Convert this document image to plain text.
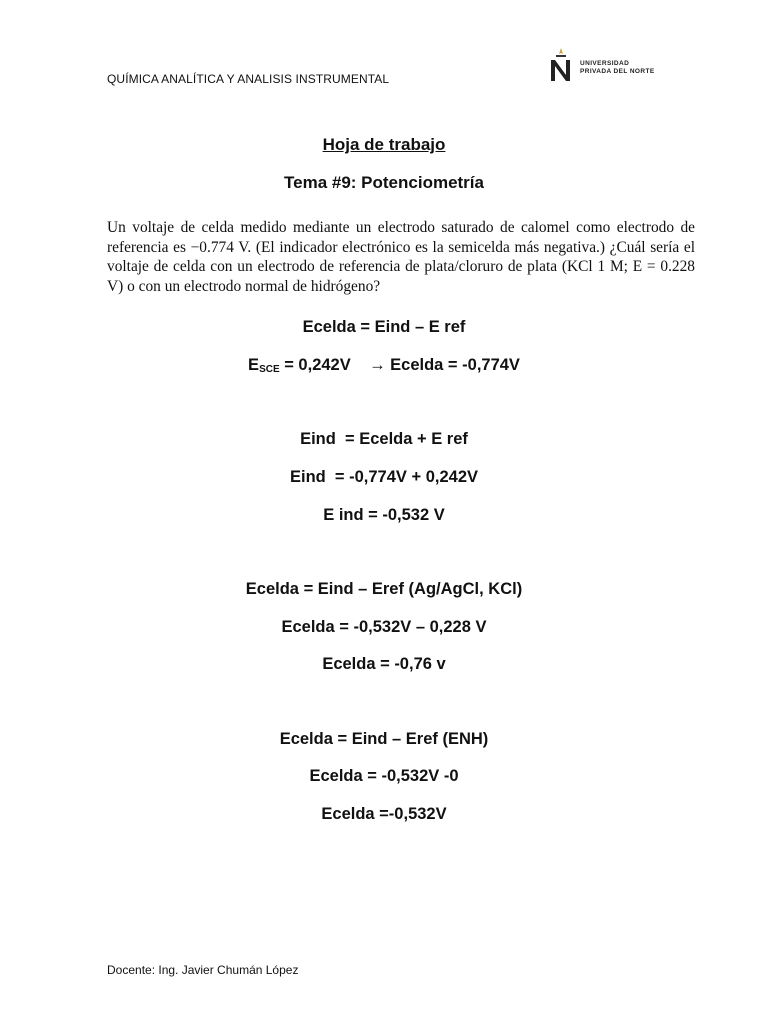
QUÍMICA ANALÍTICA Y ANALISIS INSTRUMENTAL
UNIVERSIDAD
PRIVADA DEL NORTE
Hoja de trabajo
Tema #9: Potenciometría
Un voltaje de celda medido mediante un electrodo saturado de calomel como electrodo de referencia es −0.774 V. (El indicador electrónico es la semicelda más negativa.) ¿Cuál sería el voltaje de celda con un electrodo de referencia de plata/cloruro de plata (KCl 1 M; E = 0.228 V) o con un electrodo normal de hidrógeno?
Ecelda = Eind – E ref
$E_{SCE} = 0,242V$    → Ecelda = -0,774V
Eind  = Ecelda + E ref
Eind  = -0,774V + 0,242V
E ind = -0,532 V
Ecelda = Eind – Eref (Ag/AgCl, KCl)
Ecelda = -0,532V – 0,228 V
Ecelda = -0,76 v
Ecelda = Eind – Eref (ENH)
Ecelda = -0,532V -0
Ecelda =-0,532V
Docente: Ing. Javier Chumán López
